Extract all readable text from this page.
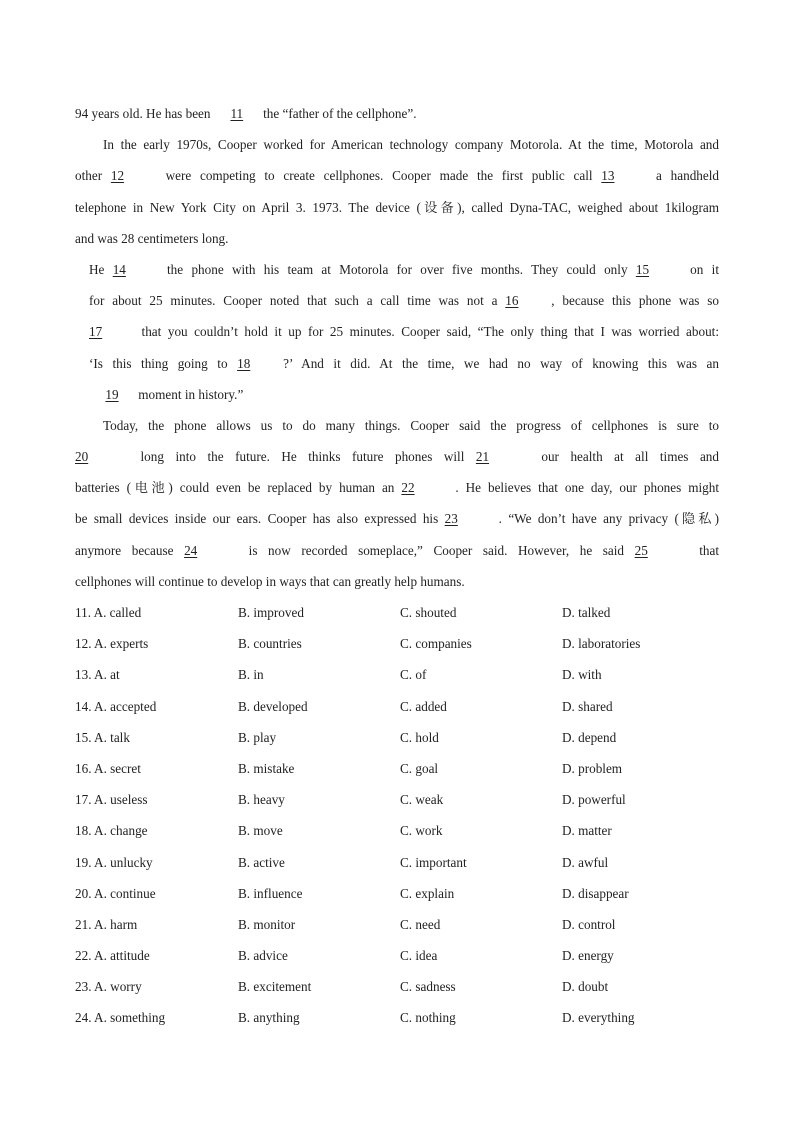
94 years old. He has been 11 the “father of the cellphone”.
In the early 1970s, Cooper worked for American technology company Motorola. At the time, Motorola and
other 12 were competing to create cellphones. Cooper made the first public call 13 a handheld
telephone in New York City on April 3. 1973. The device (设备), called Dyna-TAC, weighed about 1kilogram
and was 28 centimeters long.
He 14 the phone with his team at Motorola for over five months. They could only 15 on it
for about 25 minutes. Cooper noted that such a call time was not a 16 , because this phone was so
17 that you couldn’t hold it up for 25 minutes. Cooper said, “The only thing that I was worried about:
‘Is this thing going to 18 ?’ And it did. At the time, we had no way of knowing this was an
19 moment in history.”
Today, the phone allows us to do many things. Cooper said the progress of cellphones is sure to
20	long into the future. He thinks future phones will 21	our health at all times and
batteries (电池) could even be replaced by human an 22	. He believes that one day, our phones might
be small devices inside our ears. Cooper has also expressed his 23	. “We don’t have any privacy (隐私)
anymore because 24	is now recorded someplace,” Cooper said. However, he said 25	that
cellphones will continue to develop in ways that can greatly help humans.
11. A. called	B. improved	C. shouted	D. talked
12. A. experts	B. countries	C. companies	D. laboratories
13. A. at	B. in	C. of	D. with
14. A. accepted	B. developed	C. added	D. shared
15. A. talk	B. play	C. hold	D. depend
16. A. secret	B. mistake	C. goal	D. problem
17. A. useless	B. heavy	C. weak	D. powerful
18. A. change	B. move	C. work	D. matter
19. A. unlucky	B. active	C. important	D. awful
20. A. continue	B. influence	C. explain	D. disappear
21. A. harm	B. monitor	C. need	D. control
22. A. attitude	B. advice	C. idea	D. energy
23. A. worry	B. excitement	C. sadness	D. doubt
24. A. something	B. anything	C. nothing	D. everything
